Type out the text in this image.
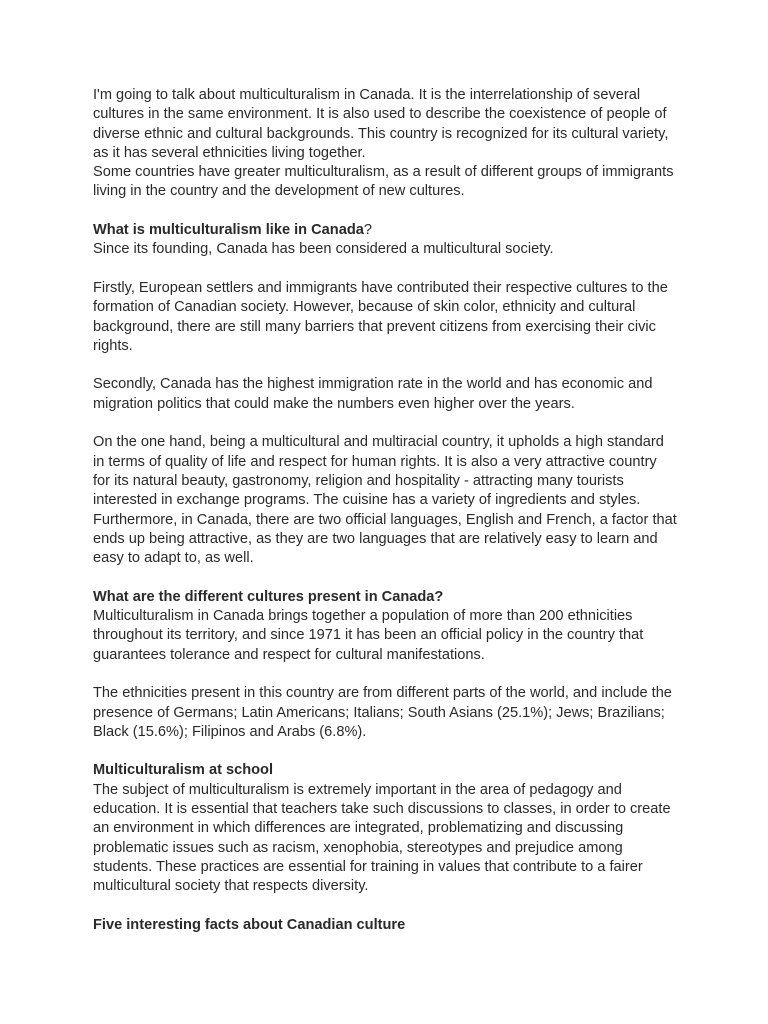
I'm going to talk about multiculturalism in Canada. It is the interrelationship of several cultures in the same environment. It is also used to describe the coexistence of people of diverse ethnic and cultural backgrounds. This country is recognized for its cultural variety, as it has several ethnicities living together.

Some countries have greater multiculturalism, as a result of different groups of immigrants living in the country and the development of new cultures.

What is multiculturalism like in Canada?

Since its founding, Canada has been considered a multicultural society.

Firstly, European settlers and immigrants have contributed their respective cultures to the formation of Canadian society. However, because of skin color, ethnicity and cultural background, there are still many barriers that prevent citizens from exercising their civic rights.

Secondly, Canada has the highest immigration rate in the world and has economic and migration politics that could make the numbers even higher over the years.

On the one hand, being a multicultural and multiracial country, it upholds a high standard in terms of quality of life and respect for human rights. It is also a very attractive country for its natural beauty, gastronomy, religion and hospitality - attracting many tourists interested in exchange programs. The cuisine has a variety of ingredients and styles. Furthermore, in Canada, there are two official languages, English and French, a factor that ends up being attractive, as they are two languages that are relatively easy to learn and easy to adapt to, as well.

What are the different cultures present in Canada?

Multiculturalism in Canada brings together a population of more than 200 ethnicities throughout its territory, and since 1971 it has been an official policy in the country that guarantees tolerance and respect for cultural manifestations.

The ethnicities present in this country are from different parts of the world, and include the presence of Germans; Latin Americans; Italians; South Asians (25.1%); Jews; Brazilians; Black (15.6%); Filipinos and Arabs (6.8%).

Multiculturalism at school

The subject of multiculturalism is extremely important in the area of pedagogy and education. It is essential that teachers take such discussions to classes, in order to create an environment in which differences are integrated, problematizing and discussing problematic issues such as racism, xenophobia, stereotypes and prejudice among students. These practices are essential for training in values that contribute to a fairer multicultural society that respects diversity.

Five interesting facts about Canadian culture
